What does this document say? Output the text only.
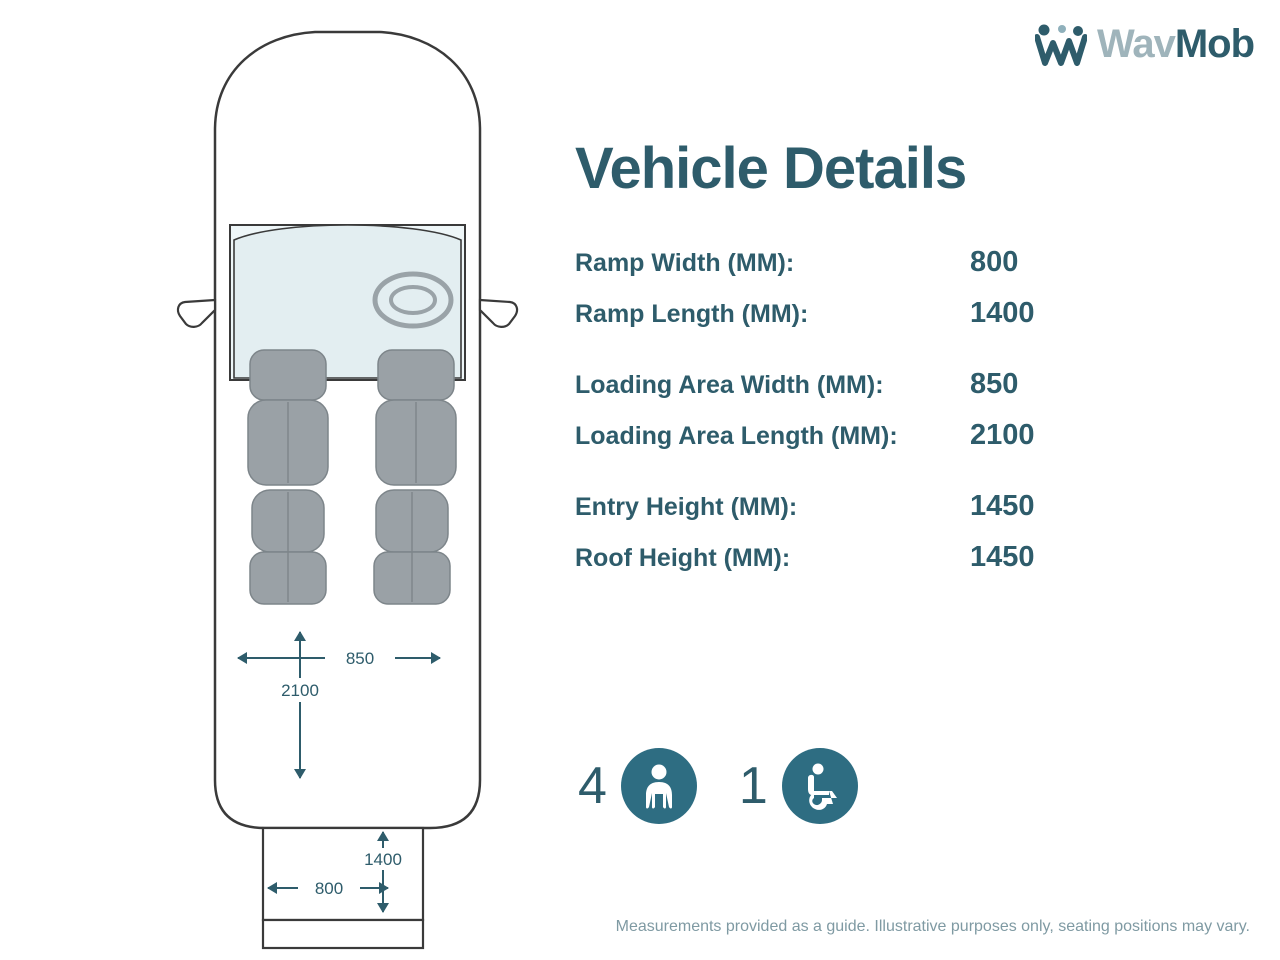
WavMob
850
2100
1400
800
Vehicle Details
Ramp Width (MM):	800
Ramp Length (MM):	1400
Loading Area Width (MM):	850
Loading Area Length (MM):	2100
Entry Height (MM):	1450
Roof Height (MM):	1450
4	1
Measurements provided as a guide. Illustrative purposes only, seating positions may vary.
